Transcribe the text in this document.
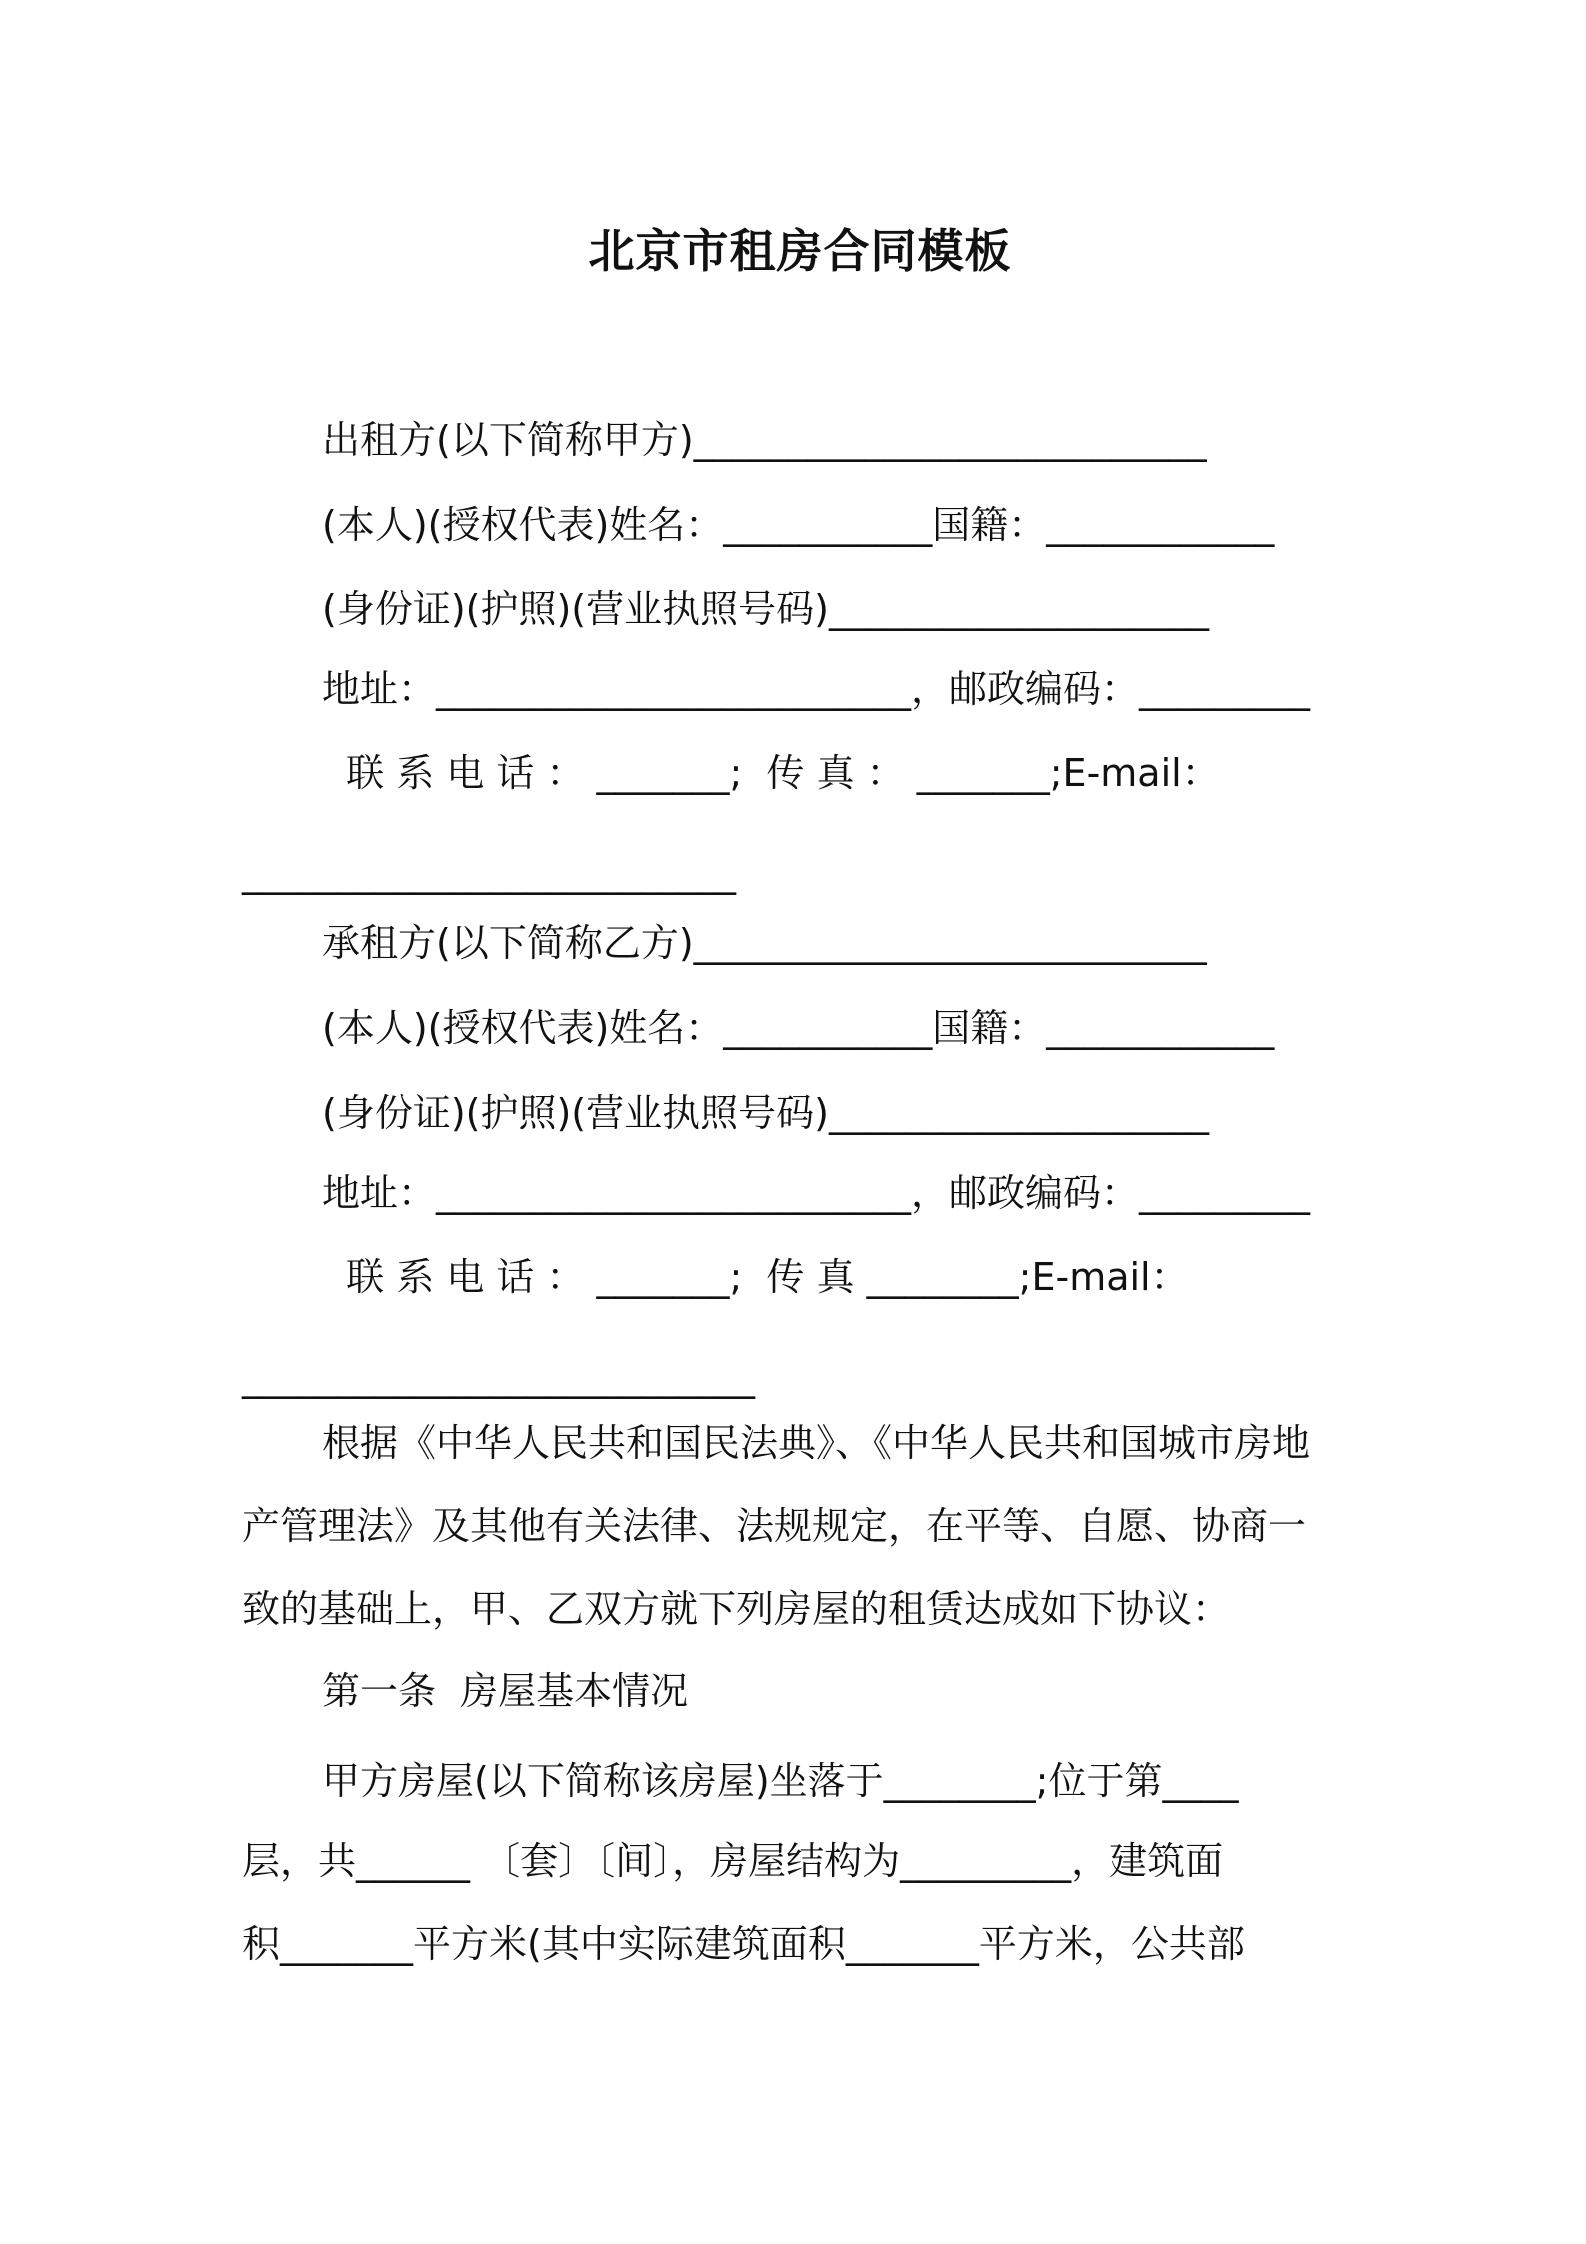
北京市租房合同模板
出租方(以下简称甲方)___________________________
(本人)(授权代表)姓名：___________国籍：____________
(身份证)(护照)(营业执照号码)____________________
地址：_________________________，邮政编码：_________
联 系 电 话 ： _______;  传 真 ： _______;E-mail：
__________________________
承租方(以下简称乙方)___________________________
(本人)(授权代表)姓名：___________国籍：____________
(身份证)(护照)(营业执照号码)____________________
地址：_________________________，邮政编码：_________
联 系 电 话 ： _______;  传 真 ________;E-mail：
___________________________
根据《中华人民共和国民法典》、《中华人民共和国城市房地
产管理法》及其他有关法律、法规规定，在平等、自愿、协商一
致的基础上，甲、乙双方就下列房屋的租赁达成如下协议：
第一条  房屋基本情况
甲方房屋(以下简称该房屋)坐落于________;位于第____
层，共______ 〔套〕〔间〕，房屋结构为_________，建筑面
积_______平方米(其中实际建筑面积_______平方米，公共部
